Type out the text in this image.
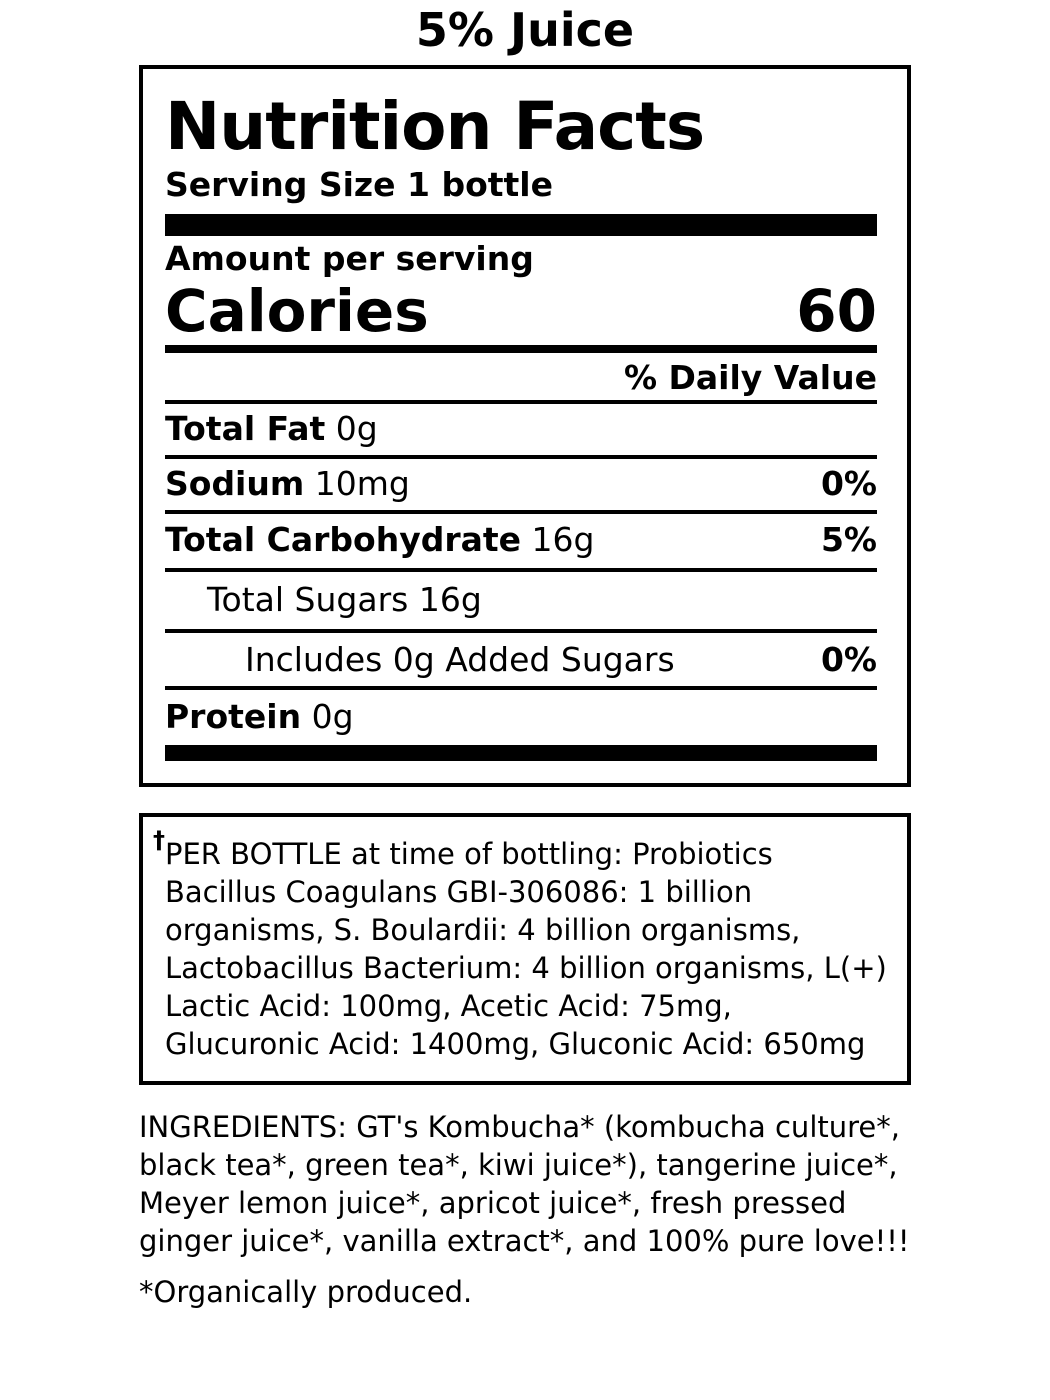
5% Juice
Nutrition Facts
Serving Size 1 bottle
Amount per serving
Calories	60
% Daily Value
Total Fat 0g
Sodium 10mg	0%
Total Carbohydrate 16g	5%
Total Sugars 16g
Includes 0g Added Sugars	0%
Protein 0g
† PER BOTTLE at time of bottling: Probiotics Bacillus Coagulans GBI-306086: 1 billion organisms, S. Boulardii: 4 billion organisms, Lactobacillus Bacterium: 4 billion organisms, L(+) Lactic Acid: 100mg, Acetic Acid: 75mg, Glucuronic Acid: 1400mg, Gluconic Acid: 650mg
INGREDIENTS: GT's Kombucha* (kombucha culture*, black tea*, green tea*, kiwi juice*), tangerine juice*, Meyer lemon juice*, apricot juice*, fresh pressed ginger juice*, vanilla extract*, and 100% pure love!!!
*Organically produced.
